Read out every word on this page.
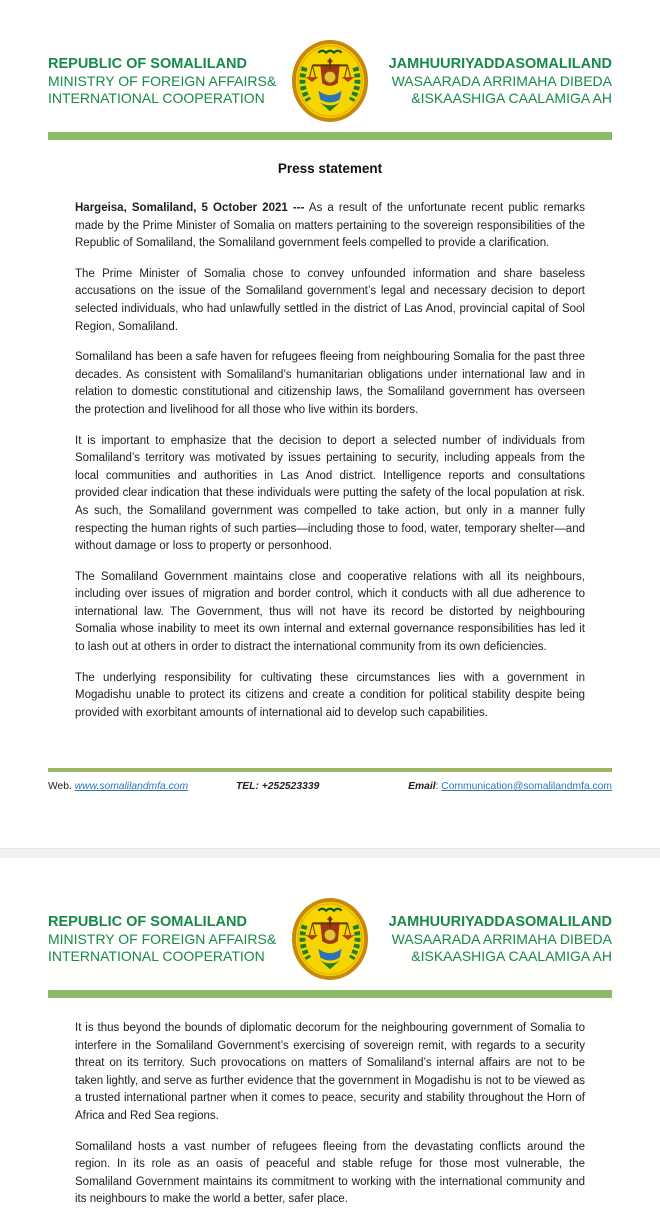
REPUBLIC OF SOMALILAND
MINISTRY OF FOREIGN AFFAIRS&
INTERNATIONAL COOPERATION
JAMHUURIYADDASOMALILAND
WASAARADA ARRIMAHA DIBEDA
&ISKAASHIGA CAALAMIGA AH
Press statement

Hargeisa, Somaliland, 5 October 2021 --- As a result of the unfortunate recent public remarks made by the Prime Minister of Somalia on matters pertaining to the sovereign responsibilities of the Republic of Somaliland, the Somaliland government feels compelled to provide a clarification.

The Prime Minister of Somalia chose to convey unfounded information and share baseless accusations on the issue of the Somaliland government’s legal and necessary decision to deport selected individuals, who had unlawfully settled in the district of Las Anod, provincial capital of Sool Region, Somaliland.

Somaliland has been a safe haven for refugees fleeing from neighbouring Somalia for the past three decades. As consistent with Somaliland’s humanitarian obligations under international law and in relation to domestic constitutional and citizenship laws, the Somaliland government has overseen the protection and livelihood for all those who live within its borders.

It is important to emphasize that the decision to deport a selected number of individuals from Somaliland’s territory was motivated by issues pertaining to security, including appeals from the local communities and authorities in Las Anod district. Intelligence reports and consultations provided clear indication that these individuals were putting the safety of the local population at risk. As such, the Somaliland government was compelled to take action, but only in a manner fully respecting the human rights of such parties—including those to food, water, temporary shelter—and without damage or loss to property or personhood.

The Somaliland Government maintains close and cooperative relations with all its neighbours, including over issues of migration and border control, which it conducts with all due adherence to international law. The Government, thus will not have its record be distorted by neighbouring Somalia whose inability to meet its own internal and external governance responsibilities has led it to lash out at others in order to distract the international community from its own deficiencies.

The underlying responsibility for cultivating these circumstances lies with a government in Mogadishu unable to protect its citizens and create a condition for political stability despite being provided with exorbitant amounts of international aid to develop such capabilities.

Web. www.somalilandmfa.com	TEL: +252523339	Email: Communication@somalilandmfa.com
REPUBLIC OF SOMALILAND
MINISTRY OF FOREIGN AFFAIRS&
INTERNATIONAL COOPERATION
JAMHUURIYADDASOMALILAND
WASAARADA ARRIMAHA DIBEDA
&ISKAASHIGA CAALAMIGA AH

It is thus beyond the bounds of diplomatic decorum for the neighbouring government of Somalia to interfere in the Somaliland Government’s exercising of sovereign remit, with regards to a security threat on its territory. Such provocations on matters of Somaliland’s internal affairs are not to be taken lightly, and serve as further evidence that the government in Mogadishu is not to be viewed as a trusted international partner when it comes to peace, security and stability throughout the Horn of Africa and Red Sea regions.

Somaliland hosts a vast number of refugees fleeing from the devastating conflicts around the region. In its role as an oasis of peaceful and stable refuge for those most vulnerable, the Somaliland Government maintains its commitment to working with the international community and its neighbours to make the world a better, safer place.
